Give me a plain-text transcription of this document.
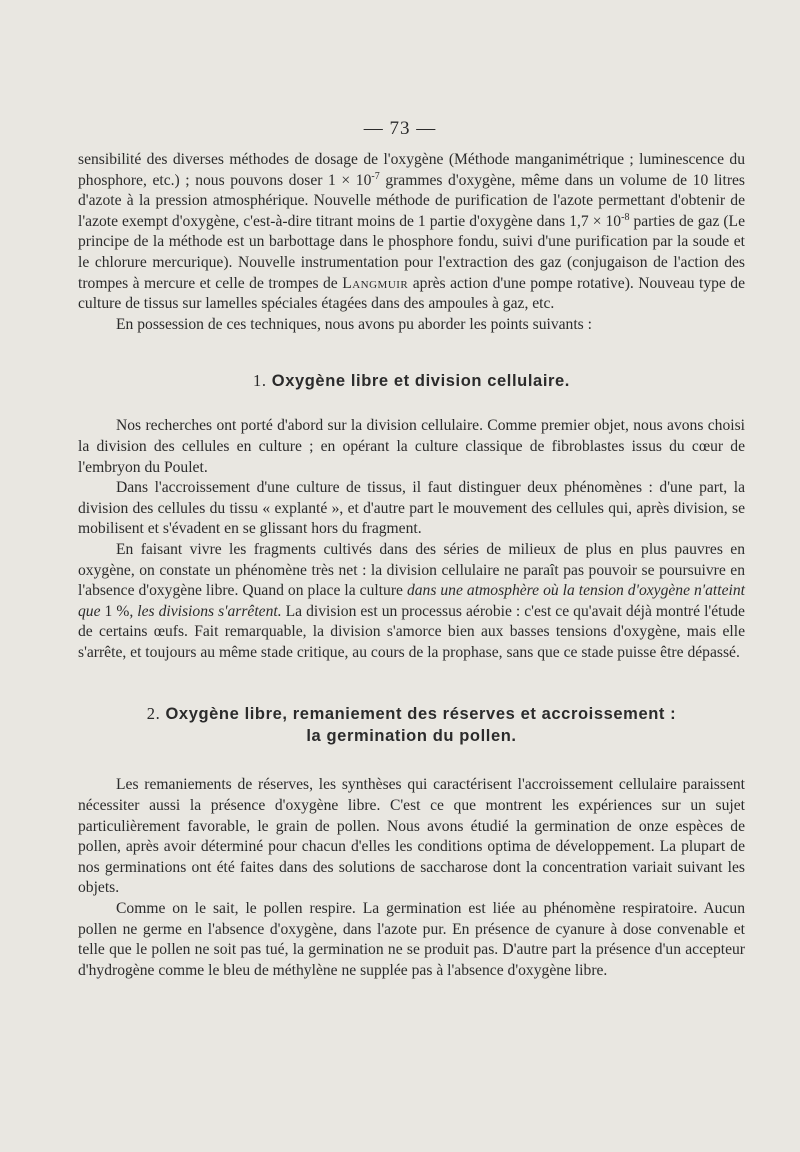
— 73 —

sensibilité des diverses méthodes de dosage de l'oxygène (Méthode manganimétrique ; luminescence du phosphore, etc.) ; nous pouvons doser $1 \times 10^{-7}$ grammes d'oxygène, même dans un volume de 10 litres d'azote à la pression atmosphérique. Nouvelle méthode de purification de l'azote permettant d'obtenir de l'azote exempt d'oxygène, c'est-à-dire titrant moins de 1 partie d'oxygène dans $1,7 \times 10^{-8}$ parties de gaz (Le principe de la méthode est un barbottage dans le phosphore fondu, suivi d'une purification par la soude et le chlorure mercurique). Nouvelle instrumentation pour l'extraction des gaz (conjugaison de l'action des trompes à mercure et celle de trompes de Langmuir après action d'une pompe rotative). Nouveau type de culture de tissus sur lamelles spéciales étagées dans des ampoules à gaz, etc.

En possession de ces techniques, nous avons pu aborder les points suivants :

1. Oxygène libre et division cellulaire.

Nos recherches ont porté d'abord sur la division cellulaire. Comme premier objet, nous avons choisi la division des cellules en culture ; en opérant la culture classique de fibroblastes issus du cœur de l'embryon du Poulet.

Dans l'accroissement d'une culture de tissus, il faut distinguer deux phénomènes : d'une part, la division des cellules du tissu « explanté », et d'autre part le mouvement des cellules qui, après division, se mobilisent et s'évadent en se glissant hors du fragment.

En faisant vivre les fragments cultivés dans des séries de milieux de plus en plus pauvres en oxygène, on constate un phénomène très net : la division cellulaire ne paraît pas pouvoir se poursuivre en l'absence d'oxygène libre. Quand on place la culture dans une atmosphère où la tension d'oxygène n'atteint que 1 %, les divisions s'arrêtent. La division est un processus aérobie : c'est ce qu'avait déjà montré l'étude de certains œufs. Fait remarquable, la division s'amorce bien aux basses tensions d'oxygène, mais elle s'arrête, et toujours au même stade critique, au cours de la prophase, sans que ce stade puisse être dépassé.

2. Oxygène libre, remaniement des réserves et accroissement :
la germination du pollen.

Les remaniements de réserves, les synthèses qui caractérisent l'accroissement cellulaire paraissent nécessiter aussi la présence d'oxygène libre. C'est ce que montrent les expériences sur un sujet particulièrement favorable, le grain de pollen. Nous avons étudié la germination de onze espèces de pollen, après avoir déterminé pour chacun d'elles les conditions optima de développement. La plupart de nos germinations ont été faites dans des solutions de saccharose dont la concentration variait suivant les objets.

Comme on le sait, le pollen respire. La germination est liée au phénomène respiratoire. Aucun pollen ne germe en l'absence d'oxygène, dans l'azote pur. En présence de cyanure à dose convenable et telle que le pollen ne soit pas tué, la germination ne se produit pas. D'autre part la présence d'un accepteur d'hydrogène comme le bleu de méthylène ne supplée pas à l'absence d'oxygène libre.
